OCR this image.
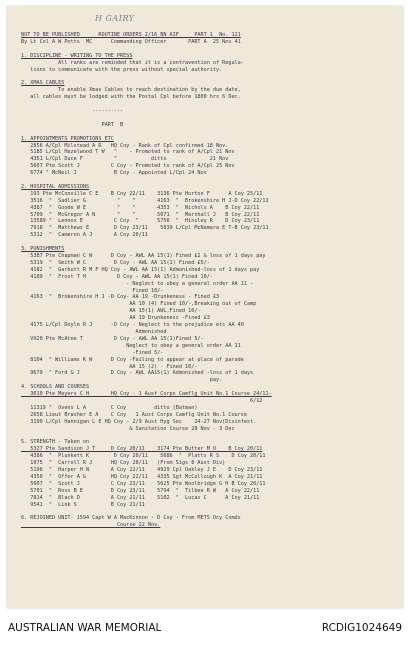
H GAIRY
NOT TO BE PUBLISHED      ROUTINE ORDERS 2/16 BN AIF     PART 1  No. 121
By Lt Col A W Potts  MC      Commanding Officer       PART A  25 Nov 41
1. DISCIPLINE - WRITING TO THE PRESS
All ranks are reminded that it is a contravention of Regula-
tions to communicate with the press without special authority.
2. XMAS CABLES
To enable Xmas Cables to reach destination by the due date,
all cables must be lodged with the Postal Cpl before 1800 hrs 6 Dec.
----------
PART  B
1. APPOINTMENTS PROMOTIONS ETC
2856 A/Cpl Milstead A R   HQ Coy - Rank of Cpl confirmed 18 Nov.
5185 L/Cpl Hazelwood T W   "    - Promoted to rank of A/Cpl 21 Nov
4351 L/Cpl Duce F          "           ditto              21 Nov
5607 Pte Scott J          C Coy - Promoted to rank of A/Cpl 25 Nov
6774 " McNeil J            B Coy - Appointed L/Cpl 24 Nov
2. HOSPITAL ADMISSIONS
193 Pte McConville C E    B Coy 22/11    3136 Pte Horton F      A Coy 25/11
3516  "  Sadlier G          "    "       4163  "  Brokenshire H J-D Coy 22/11
4387  "  Goode W E          "    "       4353  "  Nichols A    B Coy 22/11
5709  "  McGregor A N       "    "       5071  "  Marshall J   B Coy 22/11
13589 "  Lennox E          C Coy  "      5756  "  Hinsley R    D Coy 23/11
7918  "  Matthews E        D Coy 23/11    5039 L/Cpl McNamara E T-B Coy 23/11
5312  "  Cameron A J       A Coy 20/11
3. PUNISHMENTS
5387 Pte Chapman C W      D Coy - AWL AA 15(1) Fined £2 & loss of 1 days pay
5319  "  Smith W C         D Coy - AWL AA 15(1) Fined £5/-
4182  "  Garbutt R M F HQ Coy - AWL AA 15(1) Admonished-loss of 1 days pay
4189  "  Frost T H          D Coy - AWL AA 15(1) Fined 10/-
- Neglect to obey a general order AA 11 -
Fined 10/-
4163  "  Brokenshire H J -D Coy- AA 19 -Drunkeness - Fined £3
AA 10 (4) Fined 10/-,Breaking out of Camp
AA 15(1) AWL,Fined 10/-
AA 19 Drunkeness -Fined £3
4175 L/Cpl Doyle R J      -D Coy - Neglect to the prejudice etc AA 40
Admonished
VX20 Pte McAtee T          D Coy - AWL AA 15(1)Fined 5/-
Neglect to obey a general order AA 11
-Fined 5/-
8104  " Williams K W      D Coy -Failing to appear at place of parade
AA 15 (2) - Fined 10/-
9679  " Ford G J          D Coy - AWL AA15(1) Admonished -loss of 1 days
pay.
4. SCHOOLS AND COURSES
3010 Pte Meyers C H       HQ Coy - 1 Aust Corps Camflg Unit No.1 Course 24/11-
6/12
11319 "  Ovens L A        C Coy         ditto (Batman)
2658 Lieut Brasher E A    C Coy   1 Aust Corps Camflg Unit No.1 Course
3190 L/Cpl Hannigan L E HQ Coy - 2/9 Aust Hyg Sec    24-27 Nov(Disinfest.
& Sanitation Course 28 Nov - 3 Dec
5. STRENGTH - Taken on
5327 Pte Sandison J T     D Coy 20/11    3174 Pte Butter M O    B Coy 20/11
4386  "  Plunkett K        D Coy 20/11    5686  "  Platts R S    D Coy 20/11
1075  "  Carroll R J      HQ Coy 20/11   (From Sigs 8 Aust Div)
5196  "  Harper H N       A Coy 22/11    4929 Cpl Oakley J E    D Coy 23/11
4350  "  Offer A G        HQ Coy 22/11   4335 Sgt McCullough K  A Coy 21/11
5607  "  Scott J          C Coy 23/11    5625 Pte Woolbridge G H B Coy 20/11
5701  "  Ross B E         D Coy 23/11    5794  "  Tilbee R W   A Coy 22/11
7814  "  Black D          A Coy 21/11    5102  "  Lucas C      A Coy 21/11
9541  "  Link S           B Coy 21/11
6. REJOINED UNIT- 1594 Capt W A MacKinnon - D Coy - From METS Ocy Comds
Course 22 Nov.
AUSTRALIAN WAR MEMORIAL	RCDIG1024649
